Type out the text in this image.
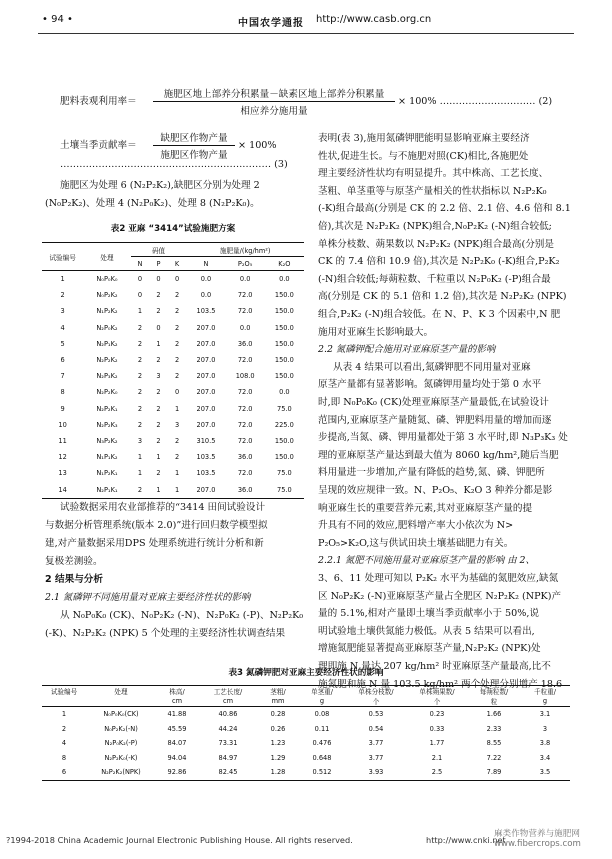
• 94 •	中国农学通报 http://www.casb.org.cn
肥料表观利用率＝
施肥区地上部养分积累量－缺素区地上部养分积累量
相应养分施用量
× 100% ………………………… (2)
土壤当季贡献率＝
缺肥区作物产量
施肥区作物产量
× 100%
………………………………………………………… (3)
施肥区为处理 6 (N₂P₂K₂),缺肥区分别为处理 2
(N₀P₂K₂)、处理 4 (N₂P₀K₂)、处理 8 (N₂P₂K₀)。
表2 亚麻 “3414”试验施肥方案
试验编号	处理	码值			施肥量/(kg/hm²)		
		N	P	K	N	P₂O₅	K₂O
1	N₀P₀K₀	0	0	0	0.0	0.0	0.0
2	N₀P₂K₂	0	2	2	0.0	72.0	150.0
3	N₁P₂K₂	1	2	2	103.5	72.0	150.0
4	N₂P₀K₂	2	0	2	207.0	0.0	150.0
5	N₂P₁K₂	2	1	2	207.0	36.0	150.0
6	N₂P₂K₂	2	2	2	207.0	72.0	150.0
7	N₂P₃K₂	2	3	2	207.0	108.0	150.0
8	N₂P₂K₀	2	2	0	207.0	72.0	0.0
9	N₂P₂K₁	2	2	1	207.0	72.0	75.0
10	N₂P₂K₃	2	2	3	207.0	72.0	225.0
11	N₃P₂K₂	3	2	2	310.5	72.0	150.0
12	N₁P₁K₂	1	1	2	103.5	36.0	150.0
13	N₁P₂K₁	1	2	1	103.5	72.0	75.0
14	N₂P₁K₁	2	1	1	207.0	36.0	75.0
试验数据采用农业部推荐的“3414 田间试验设计
与数据分析管理系统(版本 2.0)”进行回归数学模型拟
建,对产量数据采用DPS 处理系统进行统计分析和新
复极差测验。
2 结果与分析
2.1 氮磷钾不同施用量对亚麻主要经济性状的影响
从 N₀P₀K₀ (CK)、N₀P₂K₂ (-N)、N₂P₀K₂ (-P)、N₂P₂K₀
(-K)、N₂P₂K₂ (NPK) 5 个处理的主要经济性状调查结果
表明(表 3),施用氮磷钾肥能明显影响亚麻主要经济
性状,促进生长。与不施肥对照(CK)相比,各施肥处
理主要经济性状均有明显提升。其中株高、工艺长度、
茎粗、单茎重等与原茎产量相关的性状指标以 N₂P₂K₀
(-K)组合最高(分别是 CK 的 2.2 倍、2.1 倍、4.6 倍和 8.1
倍),其次是 N₂P₂K₂ (NPK)组合,N₀P₂K₂ (-N)组合较低;
单株分枝数、蒴果数以 N₂P₂K₂ (NPK)组合最高(分别是
CK 的 7.4 倍和 10.9 倍),其次是 N₂P₂K₀ (-K)组合,P₂K₂
(-N)组合较低;每蒴粒数、千粒重以 N₂P₀K₂ (-P)组合最
高(分别是 CK 的 5.1 倍和 1.2 倍),其次是 N₂P₂K₂ (NPK)
组合,P₂K₂ (-N)组合较低。在 N、P、K 3 个因素中,N 肥
施用对亚麻生长影响最大。
2.2 氮磷钾配合施用对亚麻原茎产量的影响
从表 4 结果可以看出,氮磷钾肥不同用量对亚麻
原茎产量都有显著影响。氮磷钾用量均处于第 0 水平
时,即 N₀P₀K₀ (CK)处理亚麻原茎产量最低,在试验设计
范围内,亚麻原茎产量随氮、磷、钾肥料用量的增加而逐
步提高,当氮、磷、钾用量都处于第 3 水平时,即 N₃P₃K₃ 处
理的亚麻原茎产量达到最大值为 8060 kg/hm²,随后当肥
料用量进一步增加,产量有降低的趋势,氮、磷、钾肥所
呈现的效应规律一致。N、P₂O₅、K₂O 3 种养分都是影
响亚麻生长的重要营养元素,其对亚麻原茎产量的提
升具有不同的效应,肥料增产率大小依次为 N>
P₂O₅>K₂O,这与供试田块土壤基础肥力有关。
2.2.1 氮肥不同施用量对亚麻原茎产量的影响 由 2、
3、6、11 处理可知以 P₂K₂ 水平为基础的氮肥效应,缺氮
区 N₀P₂K₂ (-N)亚麻原茎产量占全肥区 N₂P₂K₂ (NPK)产
量的 5.1%,相对产量即土壤当季贡献率小于 50%,说
明试验地土壤供氮能力极低。从表 5 结果可以看出,
增施氮肥能显著提高亚麻原茎产量,N₂P₂K₂ (NPK)处
理即施 N 量达 207 kg/hm² 时亚麻原茎产量最高,比不
施氮肥和施 N 量 103.5 kg/hm² 两个处理分别增产 18.6
表3 氮磷钾肥对亚麻主要经济性状的影响
试验编号	处理	株高/	工艺长度/	茎粗/	单茎重/	单株分枝数/	单株蒴果数/	每蒴粒数/	千粒重/
		cm	cm	mm	g	个	个	粒	g
1	N₀P₀K₀(CK)	41.88	40.86	0.28	0.08	0.53	0.23	1.66	3.1
2	N₀P₂K₂(-N)	45.59	44.24	0.26	0.11	0.54	0.33	2.33	3
4	N₂P₀K₂(-P)	84.07	73.31	1.23	0.476	3.77	1.77	8.55	3.8
8	N₂P₂K₀(-K)	94.04	84.97	1.29	0.648	3.77	2.1	7.22	3.4
6	N₂P₂K₂(NPK)	92.86	82.45	1.28	0.512	3.93	2.5	7.89	3.5
?1994-2018 China Academic Journal Electronic Publishing House. All rights reserved.	http://www.cnki.net
麻类作物营养与施肥网 www.fibercrops.com
